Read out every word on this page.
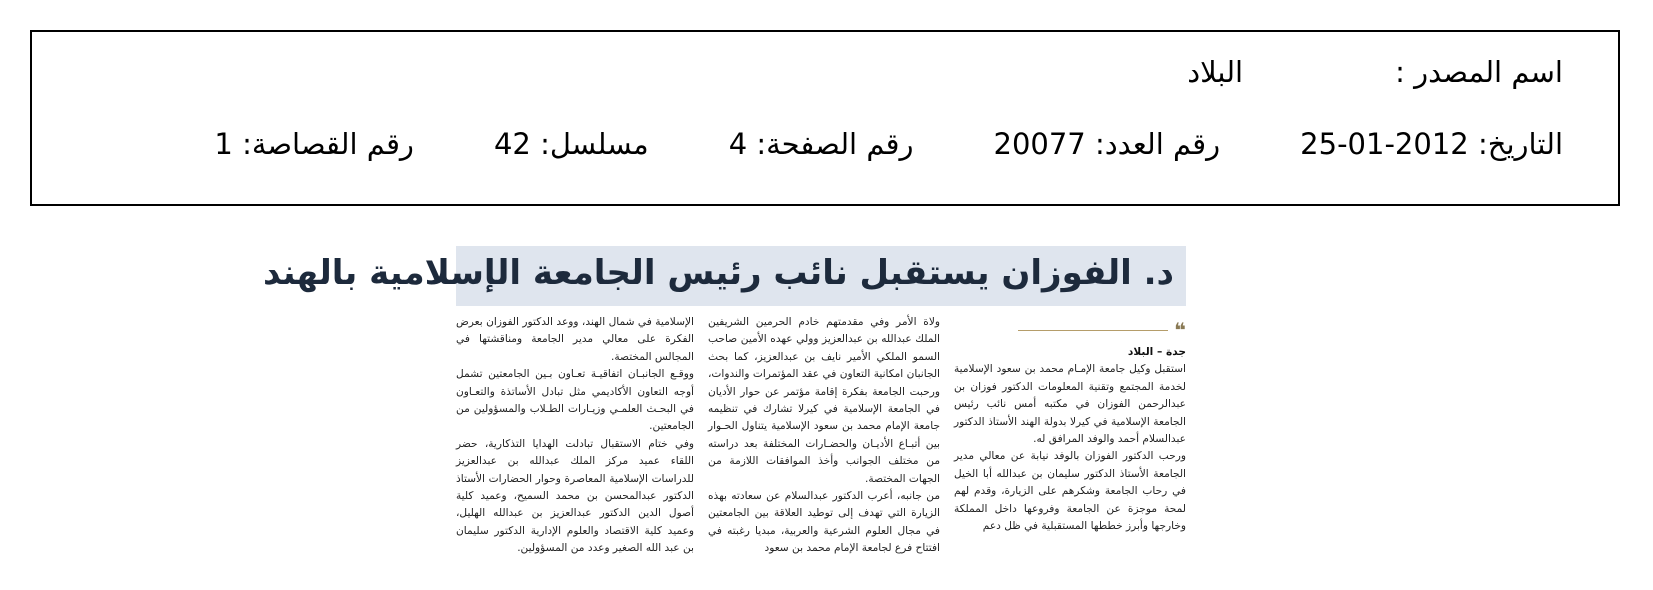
اسم المصدر :
البلاد
التاريخ: 2012-01-25
رقم العدد: 20077
رقم الصفحة: 4
مسلسل: 42
رقم القصاصة: 1
د. الفوزان يستقبل نائب رئيس الجامعة الإسلامية بالهند
❝

جدة – البلاد

استقبل وكيل جامعة الإمـام محمد بن سعود الإسلامية لخدمة المجتمع وتقنية المعلومات الدكتور فوزان بن عبدالرحمن الفوزان في مكتبه أمس نائب رئيس الجامعة الإسلامية في كيرلا بدولة الهند الأستاذ الدكتور عبدالسلام أحمد والوفد المرافق له.

ورحب الدكتور الفوزان بالوفد نيابة عن معالي مدير الجامعة الأستاذ الدكتور سليمان بن عبدالله أبا الخيل في رحاب الجامعة وشكرهم على الزيارة، وقدم لهم لمحة موجزة عن الجامعة وفروعها داخل المملكة وخارجها وأبرز خططها المستقبلية في ظل دعم

ولاة الأمر وفي مقدمتهم خادم الحرمين الشريفين الملك عبدالله بن عبدالعزيز وولي عهده الأمين صاحب السمو الملكي الأمير نايف بن عبدالعزيز، كما بحث الجانبان امكانية التعاون في عقد المؤتمرات والندوات، ورحبت الجامعة بفكرة إقامة مؤتمر عن حوار الأديان في الجامعة الإسلامية في كيرلا تشارك في تنظيمه جامعة الإمام محمد بن سعود الإسلامية يتناول الحـوار بين أتبـاع الأديـان والحضـارات المختلفة بعد دراسته من مختلف الجوانب وأخذ الموافقات اللازمة من الجهات المختصة.

من جانبه، أعرب الدكتور عبدالسلام عن سعادته بهذه الزيارة التي تهدف إلى توطيد العلاقة بين الجامعتين في مجال العلوم الشرعية والعربية، مبديا رغبته في افتتاح فرع لجامعة الإمام محمد بن سعود

الإسلامية في شمال الهند، ووعد الدكتور الفوزان بعرض الفكرة على معالي مدير الجامعة ومناقشتها في المجالس المختصة.

ووقـع الجانبـان اتفاقيـة تعـاون بـين الجامعتين تشمل أوجه التعاون الأكاديمي مثل تبادل الأساتذة والتعـاون في البحـث العلمـي وزيـارات الطـلاب والمسؤولين من الجامعتين.

وفي ختام الاستقبال تبادلت الهدايا التذكارية، حضر اللقاء عميد مركز الملك عبدالله بن عبدالعزيز للدراسات الإسلامية المعاصرة وحوار الحضارات الأستاذ الدكتور عبدالمحسن بن محمد السميح، وعميد كلية أصول الدين الدكتور عبدالعزيز بن عبدالله الهليل، وعميد كلية الاقتصاد والعلوم الإدارية الدكتور سليمان بن عبد الله الصغير وعدد من المسؤولين.
